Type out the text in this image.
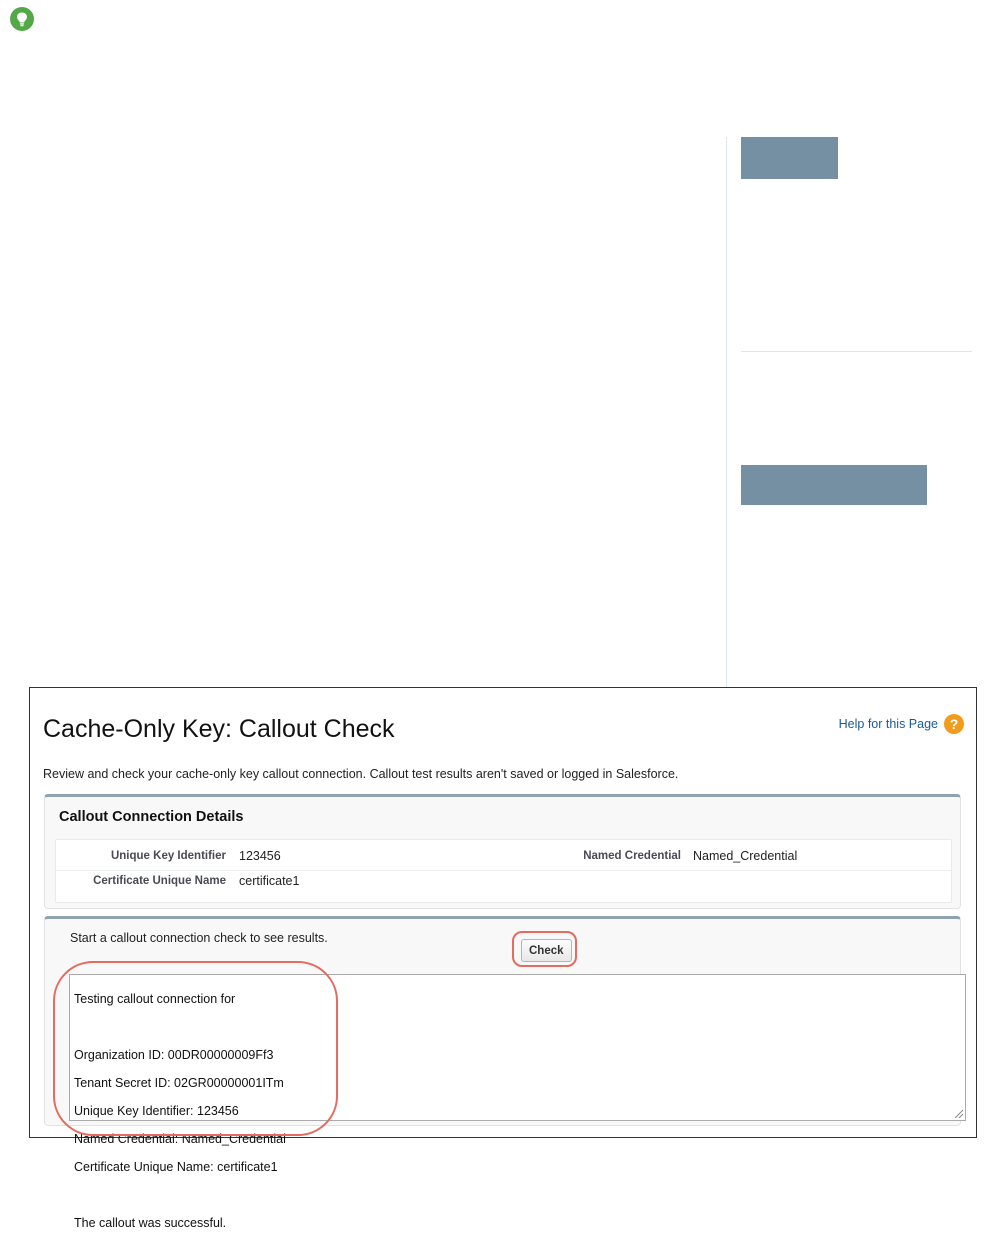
Cache-Only Key: Callout Check	Help for this Page ?
Review and check your cache-only key callout connection. Callout test results aren't saved or logged in Salesforce.
Callout Connection Details
Unique Key Identifier 123456	Named Credential Named_Credential
Certificate Unique Name certificate1
Start a callout connection check to see results.
Check

Testing callout connection for

Organization ID: 00DR00000009Ff3

Tenant Secret ID: 02GR00000001ITm

Unique Key Identifier: 123456

Named Credential: Named_Credential

Certificate Unique Name: certificate1

The callout was successful.
